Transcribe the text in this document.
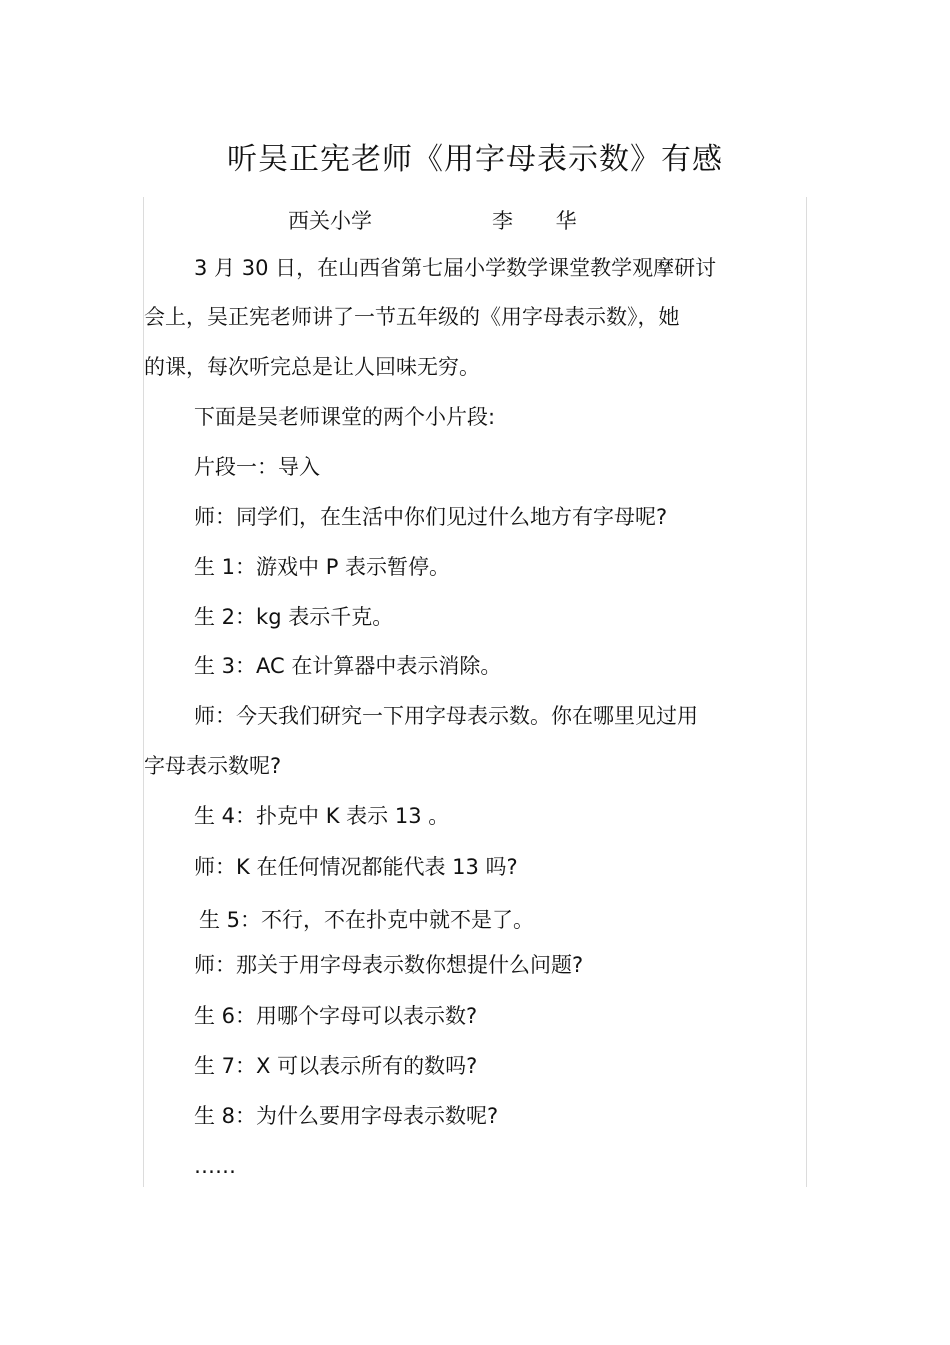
听吴正宪老师《用字母表示数》有感
西关小学	李 华
3 月 30 日，在山西省第七届小学数学课堂教学观摩研讨
会上，吴正宪老师讲了一节五年级的《用字母表示数》，她
的课，每次听完总是让人回味无穷。
下面是吴老师课堂的两个小片段:
片段一：导入
师：同学们，在生活中你们见过什么地方有字母呢?
生 1：游戏中 P 表示暂停。
生 2：kg 表示千克。
生 3：AC 在计算器中表示消除。
师：今天我们研究一下用字母表示数。你在哪里见过用
字母表示数呢?
生 4：扑克中 K 表示 13 。
师：K 在任何情况都能代表 13 吗?
生 5：不行，不在扑克中就不是了。
师：那关于用字母表示数你想提什么问题?
生 6：用哪个字母可以表示数?
生 7：X 可以表示所有的数吗?
生 8：为什么要用字母表示数呢?
……
